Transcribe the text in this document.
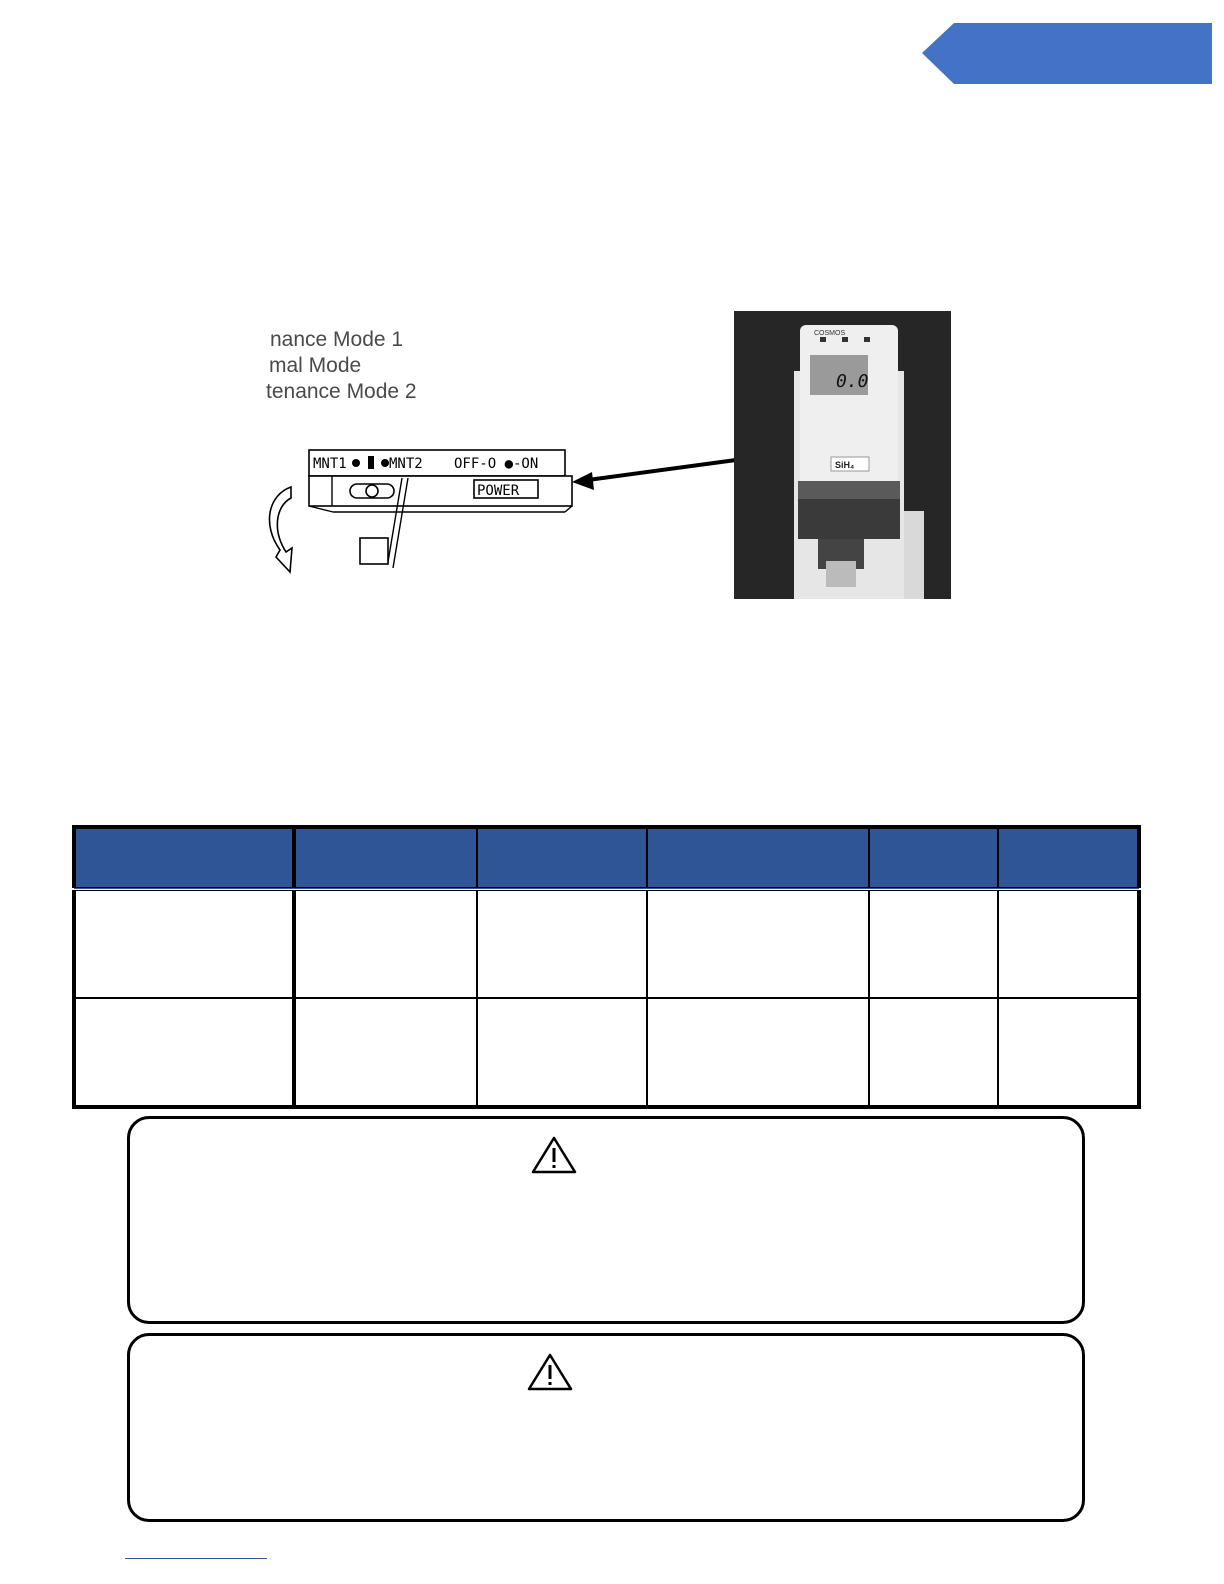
nance Mode 1
mal Mode
tenance Mode 2
MNT1	MNT2 OFF-O ●-ON
POWER
COSMOS
0.0
SiH₄
